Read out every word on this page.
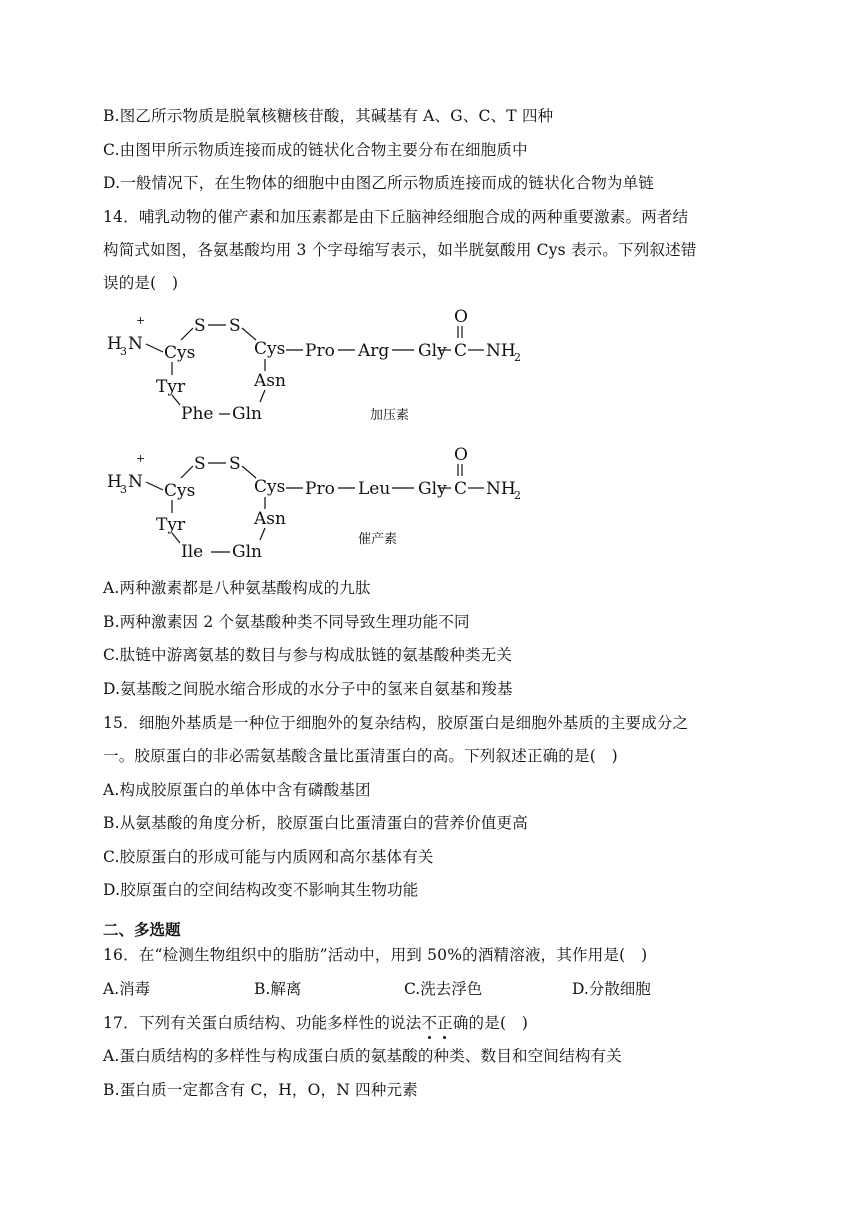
B.图乙所示物质是脱氧核糖核苷酸，其碱基有 A、G、C、T 四种
C.由图甲所示物质连接而成的链状化合物主要分布在细胞质中
D.一般情况下，在生物体的细胞中由图乙所示物质连接而成的链状化合物为单链
14．哺乳动物的催产素和加压素都是由下丘脑神经细胞合成的两种重要激素。两者结
构简式如图，各氨基酸均用 3 个字母缩写表示，如半胱氨酸用 Cys 表示。下列叙述错
误的是(　)
+
H
3 N Cys
S S
Cys
Tyr	Asn
Phe Gln
Pro Arg Gly
O
C NH
2
加压素
+
H
3 N Cys
S S
Cys
Tyr	Asn
Ile Gln
Pro Leu Gly
O
C NH
2
催产素
A.两种激素都是八种氨基酸构成的九肽
B.两种激素因 2 个氨基酸种类不同导致生理功能不同
C.肽链中游离氨基的数目与参与构成肽链的氨基酸种类无关
D.氨基酸之间脱水缩合形成的水分子中的氢来自氨基和羧基
15．细胞外基质是一种位于细胞外的复杂结构，胶原蛋白是细胞外基质的主要成分之
一。胶原蛋白的非必需氨基酸含量比蛋清蛋白的高。下列叙述正确的是(　)
A.构成胶原蛋白的单体中含有磷酸基团
B.从氨基酸的角度分析，胶原蛋白比蛋清蛋白的营养价值更高
C.胶原蛋白的形成可能与内质网和高尔基体有关
D.胶原蛋白的空间结构改变不影响其生物功能
二、多选题
16．在“检测生物组织中的脂肪”活动中，用到 50%的酒精溶液，其作用是(　)
A.消毒	B.解离	C.洗去浮色	D.分散细胞
17．下列有关蛋白质结构、功能多样性的说法不正确的是(　)
A.蛋白质结构的多样性与构成蛋白质的氨基酸的种类、数目和空间结构有关
B.蛋白质一定都含有 C，H，O，N 四种元素
